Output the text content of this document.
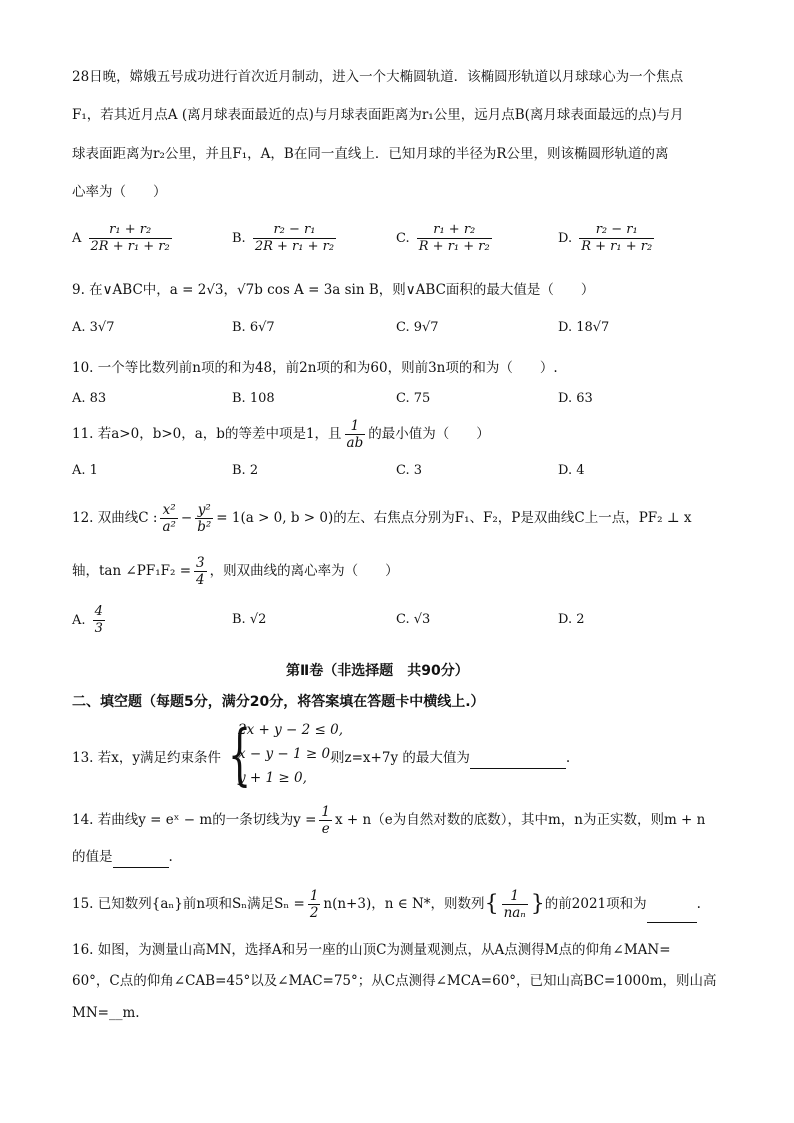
28日晚，嫦娥五号成功进行首次近月制动，进入一个大椭圆轨道．该椭圆形轨道以月球球心为一个焦点
F₁，若其近月点A (离月球表面最近的点)与月球表面距离为r₁公里，远月点B(离月球表面最远的点)与月
球表面距离为r₂公里，并且F₁，A，B在同一直线上．已知月球的半径为R公里，则该椭圆形轨道的离
心率为（　　）
A $\frac{\text{r₁ + r₂}}{\text{2R + r₁ + r₂}}$	B. $\frac{\text{r₂ − r₁}}{\text{2R + r₁ + r₂}}$	C. $\frac{\text{r₁ + r₂}}{\text{R + r₁ + r₂}}$	D. $\frac{\text{r₂ − r₁}}{\text{R + r₁ + r₂}}$
9. 在∨ABC中，a = 2√3，√7b cos A = 3a sin B，则∨ABC面积的最大值是（　　）
A. 3√7	B. 6√7	C. 9√7	D. 18√7
10. 一个等比数列前n项的和为48，前2n项的和为60，则前3n项的和为（　　）.
A. 83	B. 108	C. 75	D. 63
11. 若a>0，b>0，a，b的等差中项是1，且 $\frac{1}{ab}$ 的最小值为（　　）
A. 1	B. 2	C. 3	D. 4
12. 双曲线C : $\frac{\text{x²}}{\text{a²}} - \frac{\text{y²}}{\text{b²}} = 1(a > 0$, b > 0)的左、右焦点分别为F₁、F₂，P是双曲线C上一点，PF₂ ⊥ x
轴，tan ∠PF₁F₂ = $\frac{3}{4}$ ，则双曲线的离心率为（　　）
A. $\frac{4}{3}$	B. √2	C. √3	D. 2
第Ⅱ卷（非选择题　共90分）
二、填空题（每题5分，满分20分，将答案填在答题卡中横线上.）
13. 若x，y满足约束条件 {
2x + y − 2 ≤ 0,
x − y − 1 ≥ 0,
y + 1 ≥ 0,
则z=x+7y 的最大值为	.
14. 若曲线y = eˣ − m的一条切线为$y = \frac{1}{e}$ x + n（e为自然对数的底数），其中m，n为正实数，则m + n
的值是	.
15. 已知数列{aₙ}前n项和Sₙ满足$S_n = \frac{1}{2} n(n+3)$，n ∈ N*，则数列{ $\frac{1}{\text{naₙ}}$ }的前2021项和为	.
16. 如图，为测量山高MN，选择A和另一座的山顶C为测量观测点，从A点测得M点的仰角∠MAN=
60°，C点的仰角∠CAB=45°以及∠MAC=75°；从C点测得∠MCA=60°，已知山高BC=1000m，则山高
MN=__m.
